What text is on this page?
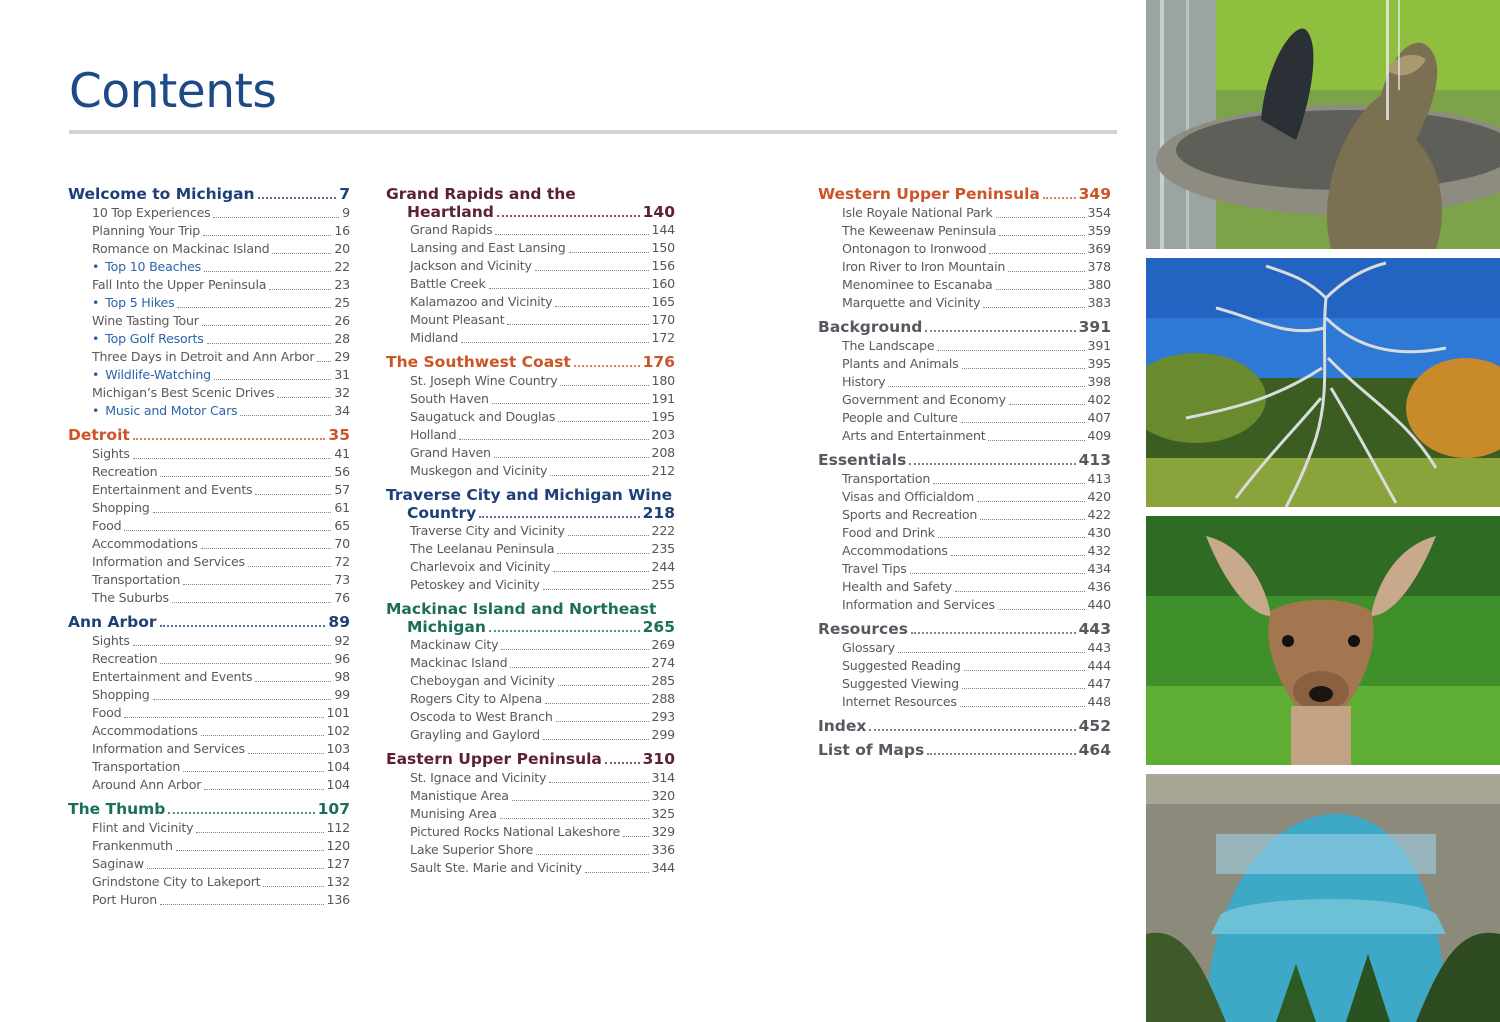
Contents
Welcome to Michigan	7
10 Top Experiences	9
Planning Your Trip	16
Romance on Mackinac Island	20
• Top 10 Beaches	22
Fall Into the Upper Peninsula	23
• Top 5 Hikes	25
Wine Tasting Tour	26
• Top Golf Resorts	28
Three Days in Detroit and Ann Arbor 29
• Wildlife-Watching	31
Michigan’s Best Scenic Drives	32
• Music and Motor Cars	34
Detroit	35
Sights	41
Recreation	56
Entertainment and Events	57
Shopping	61
Food	65
Accommodations	70
Information and Services	72
Transportation	73
The Suburbs	76
Ann Arbor	89
Sights	92
Recreation	96
Entertainment and Events	98
Shopping	99
Food	101
Accommodations	102
Information and Services	103
Transportation	104
Around Ann Arbor	104
The Thumb	107
Flint and Vicinity	112
Frankenmuth	120
Saginaw	127
Grindstone City to Lakeport	132
Port Huron	136
Grand Rapids and the
Heartland	140
Grand Rapids	144
Lansing and East Lansing	150
Jackson and Vicinity	156
Battle Creek	160
Kalamazoo and Vicinity	165
Mount Pleasant	170
Midland	172
The Southwest Coast	176
St. Joseph Wine Country	180
South Haven	191
Saugatuck and Douglas	195
Holland	203
Grand Haven	208
Muskegon and Vicinity	212
Traverse City and Michigan Wine
Country	218
Traverse City and Vicinity	222
The Leelanau Peninsula	235
Charlevoix and Vicinity	244
Petoskey and Vicinity	255
Mackinac Island and Northeast
Michigan	265
Mackinaw City	269
Mackinac Island	274
Cheboygan and Vicinity	285
Rogers City to Alpena	288
Oscoda to West Branch	293
Grayling and Gaylord	299
Eastern Upper Peninsula	310
St. Ignace and Vicinity	314
Manistique Area	320
Munising Area	325
Pictured Rocks National Lakeshore 329
Lake Superior Shore	336
Sault Ste. Marie and Vicinity	344
Western Upper Peninsula 349
Isle Royale National Park	354
The Keweenaw Peninsula	359
Ontonagon to Ironwood	369
Iron River to Iron Mountain	378
Menominee to Escanaba	380
Marquette and Vicinity	383
Background	391
The Landscape	391
Plants and Animals	395
History	398
Government and Economy	402
People and Culture	407
Arts and Entertainment	409
Essentials	413
Transportation	413
Visas and Officialdom	420
Sports and Recreation	422
Food and Drink	430
Accommodations	432
Travel Tips	434
Health and Safety	436
Information and Services	440
Resources	443
Glossary	443
Suggested Reading	444
Suggested Viewing	447
Internet Resources	448
Index	452
List of Maps	464
